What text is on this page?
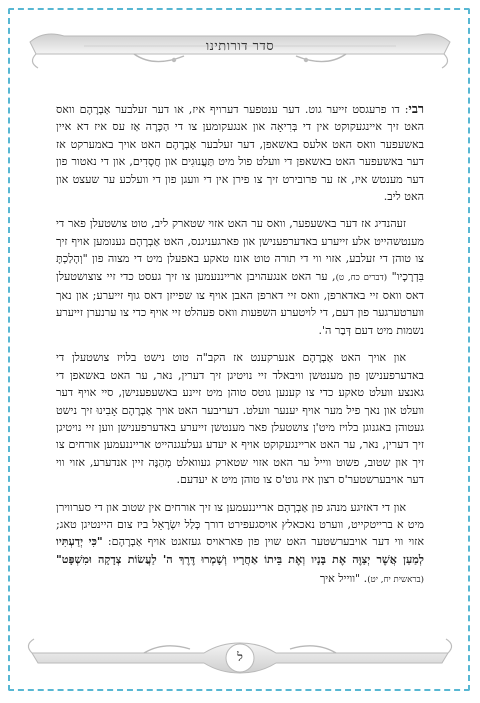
סדר דורותינו

רבי: דו פרעגסט זייער גוט. דער ענטפער דערויף איז, או דער זעלבער אַבְרָהָם וואס האט זיך איינגעקוקט אין די בְּרִיאָה און אנגעקומען צו די הַכָּרָה אַז עס איז דא איין באשעפער וואס האט אלעס באשאפן, דער זעלבער אַבְרָהָם האט אויך באמערקט אז דער באשעפער האט באשאפן די וועלט פול מיט תַּעֲנוּגִים און חֲסָדִים, און די נאטור פון דער מענטש איז, אז ער פרובירט זיך צו פירן אין די וועגן פון די וועלכע ער שעצט און האט ליב.

זעהנדיג אז דער באשעפער, וואס ער האט אזוי שטארק ליב, טוט צושטעלן פאר די מענטשהייט אלע זייערע באדערפענישן און פארגעניגנס, האט אַבְרָהָם גענומען אויף זיך צו טוהן די זעלבע, אזוי ווי די תורה טוט אונז טאקע באפעלן מיט די מצוה פון "וְהָלַכְתָּ בִּדְרָכָיו" (דברים כח, ט), ער האט אנגעהויבן ארייננעמען צו זיך געסט כדי זיי צוצושטעלן דאס וואס זיי באדארפן, וואס זיי דארפן האבן אויף צו שפייזן דאס גוף זייערע; און נאך ווערטערגער פון דעם, די לויטערע השפעות וואס פעהלט זיי אויף כדי צו ערנערן זייערע נשמות מיט דעם דְּבַר ה'.

און אויך האט אַבְרָהָם אנערקענט אז הקב"ה טוט נישט בלויז צושטעלן די באדערפענישן פון מענטשן וויבאלד זיי נויטיגן זיך דערין, נאר, ער האט באשאפן די גאנצע וועלט טאקע כדי צו קענען גוטס טוהן מיט זיינע באשעפענישן, סיי אויף דער וועלט און נאך פיל מער אויף יענער וועלט. דעריבער האט אויך אַבְרָהָם אָבִינוּ זיך נישט געטוהן באגנוגן בלויז מיט'ן צושטעלן פאר מענטשן זייערע באדערפענישן ווען זיי נויטיגן זיך דערין, נאר, ער האט אריינגעקוקט אויף א יעדע געלעגנהייט ארייננעמען אורחים צו זיך און שטוב, פשוט ווייל ער האט אזוי שטארק געוואלט מְהַנֶּה זיין אנדערע, אזוי ווי דער אויבערשטער'ס רצון איז גוט'ס צו טוהן מיט א יעדעם.

און די דאזיגע מנהג פון אַבְרָהָם ארייננעמען צו זיך אורחים אין שטוב און די סערווירן מיט א ברייטקייט, ווערט נאכאלץ אויסגעפירט דורך כְּלַל יִשְׂרָאֵל ביז צום היינטיגן טאג; אזוי ווי דער אויבערשטער האט שוין פון פאראויס געזאגט אויף אַבְרָהָם: "כִּי יְדַעְתִּיו לְמַעַן אֲשֶׁר יְצַוֶּה אֶת בָּנָיו וְאֶת בֵּיתוֹ אַחֲרָיו וְשָׁמְרוּ דֶּרֶךְ ה' לַעֲשׂוֹת צְדָקָה וּמִשְׁפָּט" (בראשית יח, יט). "ווייל איך

ל
